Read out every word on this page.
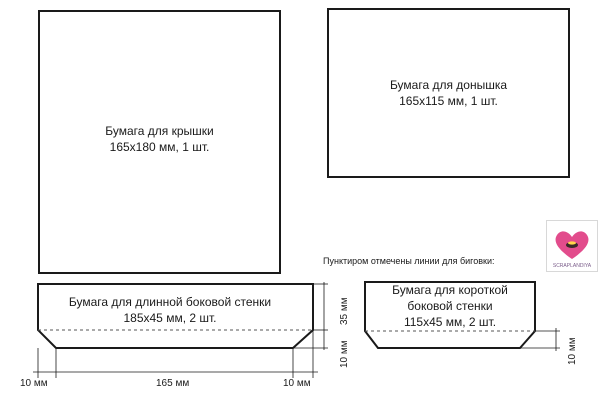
Бумага для крышки
165x180 мм, 1 шт.
Бумага для донышка
165x115 мм, 1 шт.
Пунктиром отмечены линии для биговки:	SCRAPLANDIYA
Бумага для длинной боковой стенки
185x45 мм, 2 шт.
Бумага для короткой
боковой стенки
115x45 мм, 2 шт.
10 мм	165 мм	10 мм
35 мм
10 мм	10 мм
